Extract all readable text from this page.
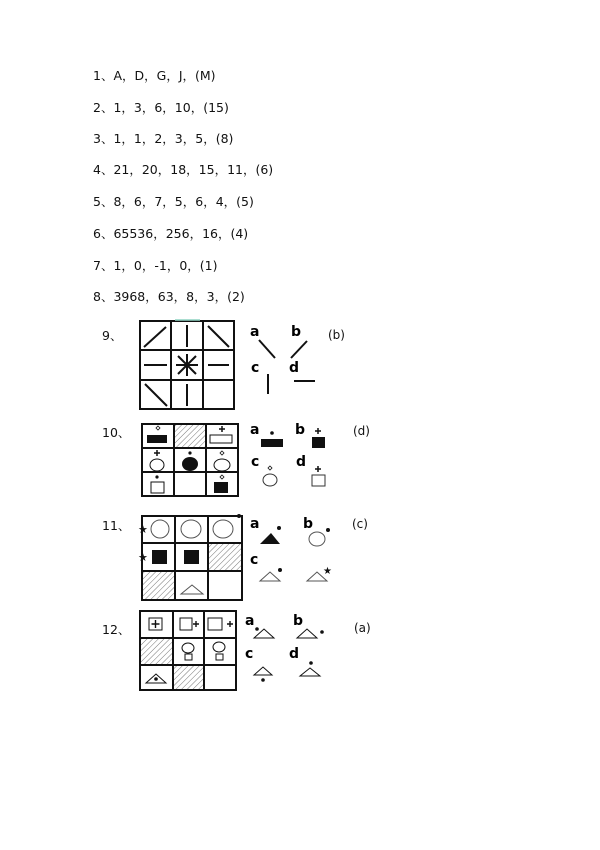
1、A，D，G，J，(M)
2、1，3，6，10，(15)
3、1，1，2，3，5，(8)
4、21，20，18，15，11，(6)
5、8，6，7，5，6，4，(5)
6、65536，256，16，(4)
7、1，0，-1，0，(1)
8、3968，63，8，3，(2)
9、	a b
c d
(b)
10、	a	b
c	d
(d)
11、 ★
★
a	b
c
★
(c)
12、
a	b
c	d
(a)
